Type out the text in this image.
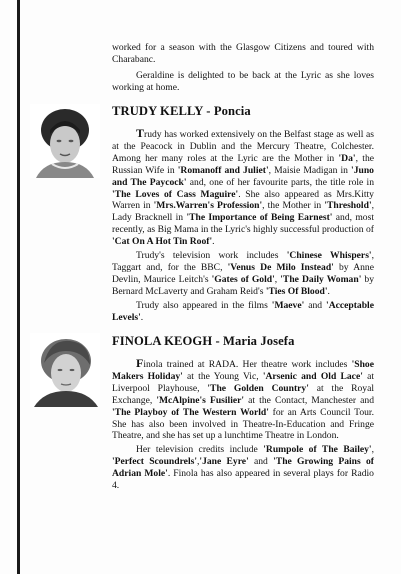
worked for a season with the Glasgow Citizens and toured with Charabanc.

Geraldine is delighted to be back at the Lyric as she loves working at home.

TRUDY KELLY - Poncia

Trudy has worked extensively on the Belfast stage as well as at the Peacock in Dublin and the Mercury Theatre, Colchester. Among her many roles at the Lyric are the Mother in 'Da', the Russian Wife in 'Romanoff and Juliet', Maisie Madigan in 'Juno and The Paycock' and, one of her favourite parts, the title role in 'The Loves of Cass Maguire'. She also appeared as Mrs.Kitty Warren in 'Mrs.Warren's Profession', the Mother in 'Threshold', Lady Bracknell in 'The Importance of Being Earnest' and, most recently, as Big Mama in the Lyric's highly successful production of 'Cat On A Hot Tin Roof'.

Trudy's television work includes 'Chinese Whispers', Taggart and, for the BBC, 'Venus De Milo Instead' by Anne Devlin, Maurice Leitch's 'Gates of Gold', 'The Daily Woman' by Bernard McLaverty and Graham Reid's 'Ties Of Blood'.

Trudy also appeared in the films 'Maeve' and 'Acceptable Levels'.

FINOLA KEOGH - Maria Josefa

Finola trained at RADA. Her theatre work includes 'Shoe Makers Holiday' at the Young Vic, 'Arsenic and Old Lace' at Liverpool Playhouse, 'The Golden Country' at the Royal Exchange, 'McAlpine's Fusilier' at the Contact, Manchester and 'The Playboy of The Western World' for an Arts Council Tour. She has also been involved in Theatre-In-Education and Fringe Theatre, and she has set up a lunchtime Theatre in London.

Her television credits include 'Rumpole of The Bailey', 'Perfect Scoundrels','Jane Eyre' and 'The Growing Pains of Adrian Mole'. Finola has also appeared in several plays for Radio 4.
